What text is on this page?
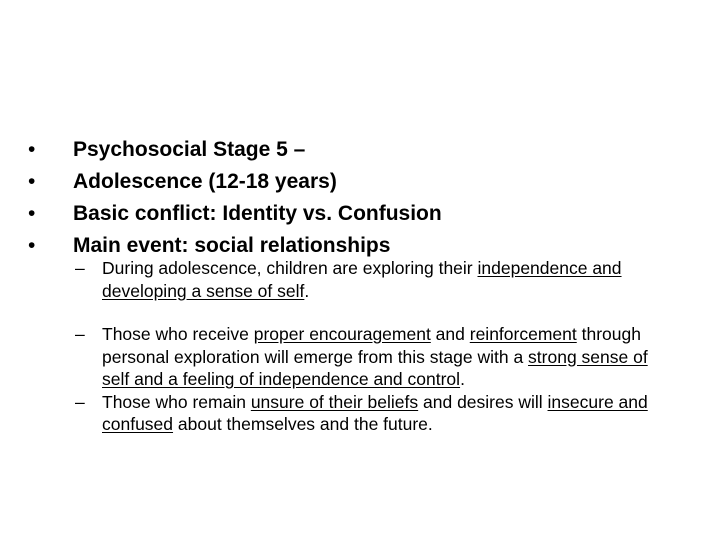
• Psychosocial Stage 5 –
• Adolescence (12-18 years)
• Basic conflict: Identity vs. Confusion
• Main event: social relationships
– During adolescence, children are exploring their independence and developing a sense of self.
– Those who receive proper encouragement and reinforcement through personal exploration will emerge from this stage with a strong sense of self and a feeling of independence and control.
– Those who remain unsure of their beliefs and desires will insecure and confused about themselves and the future.
